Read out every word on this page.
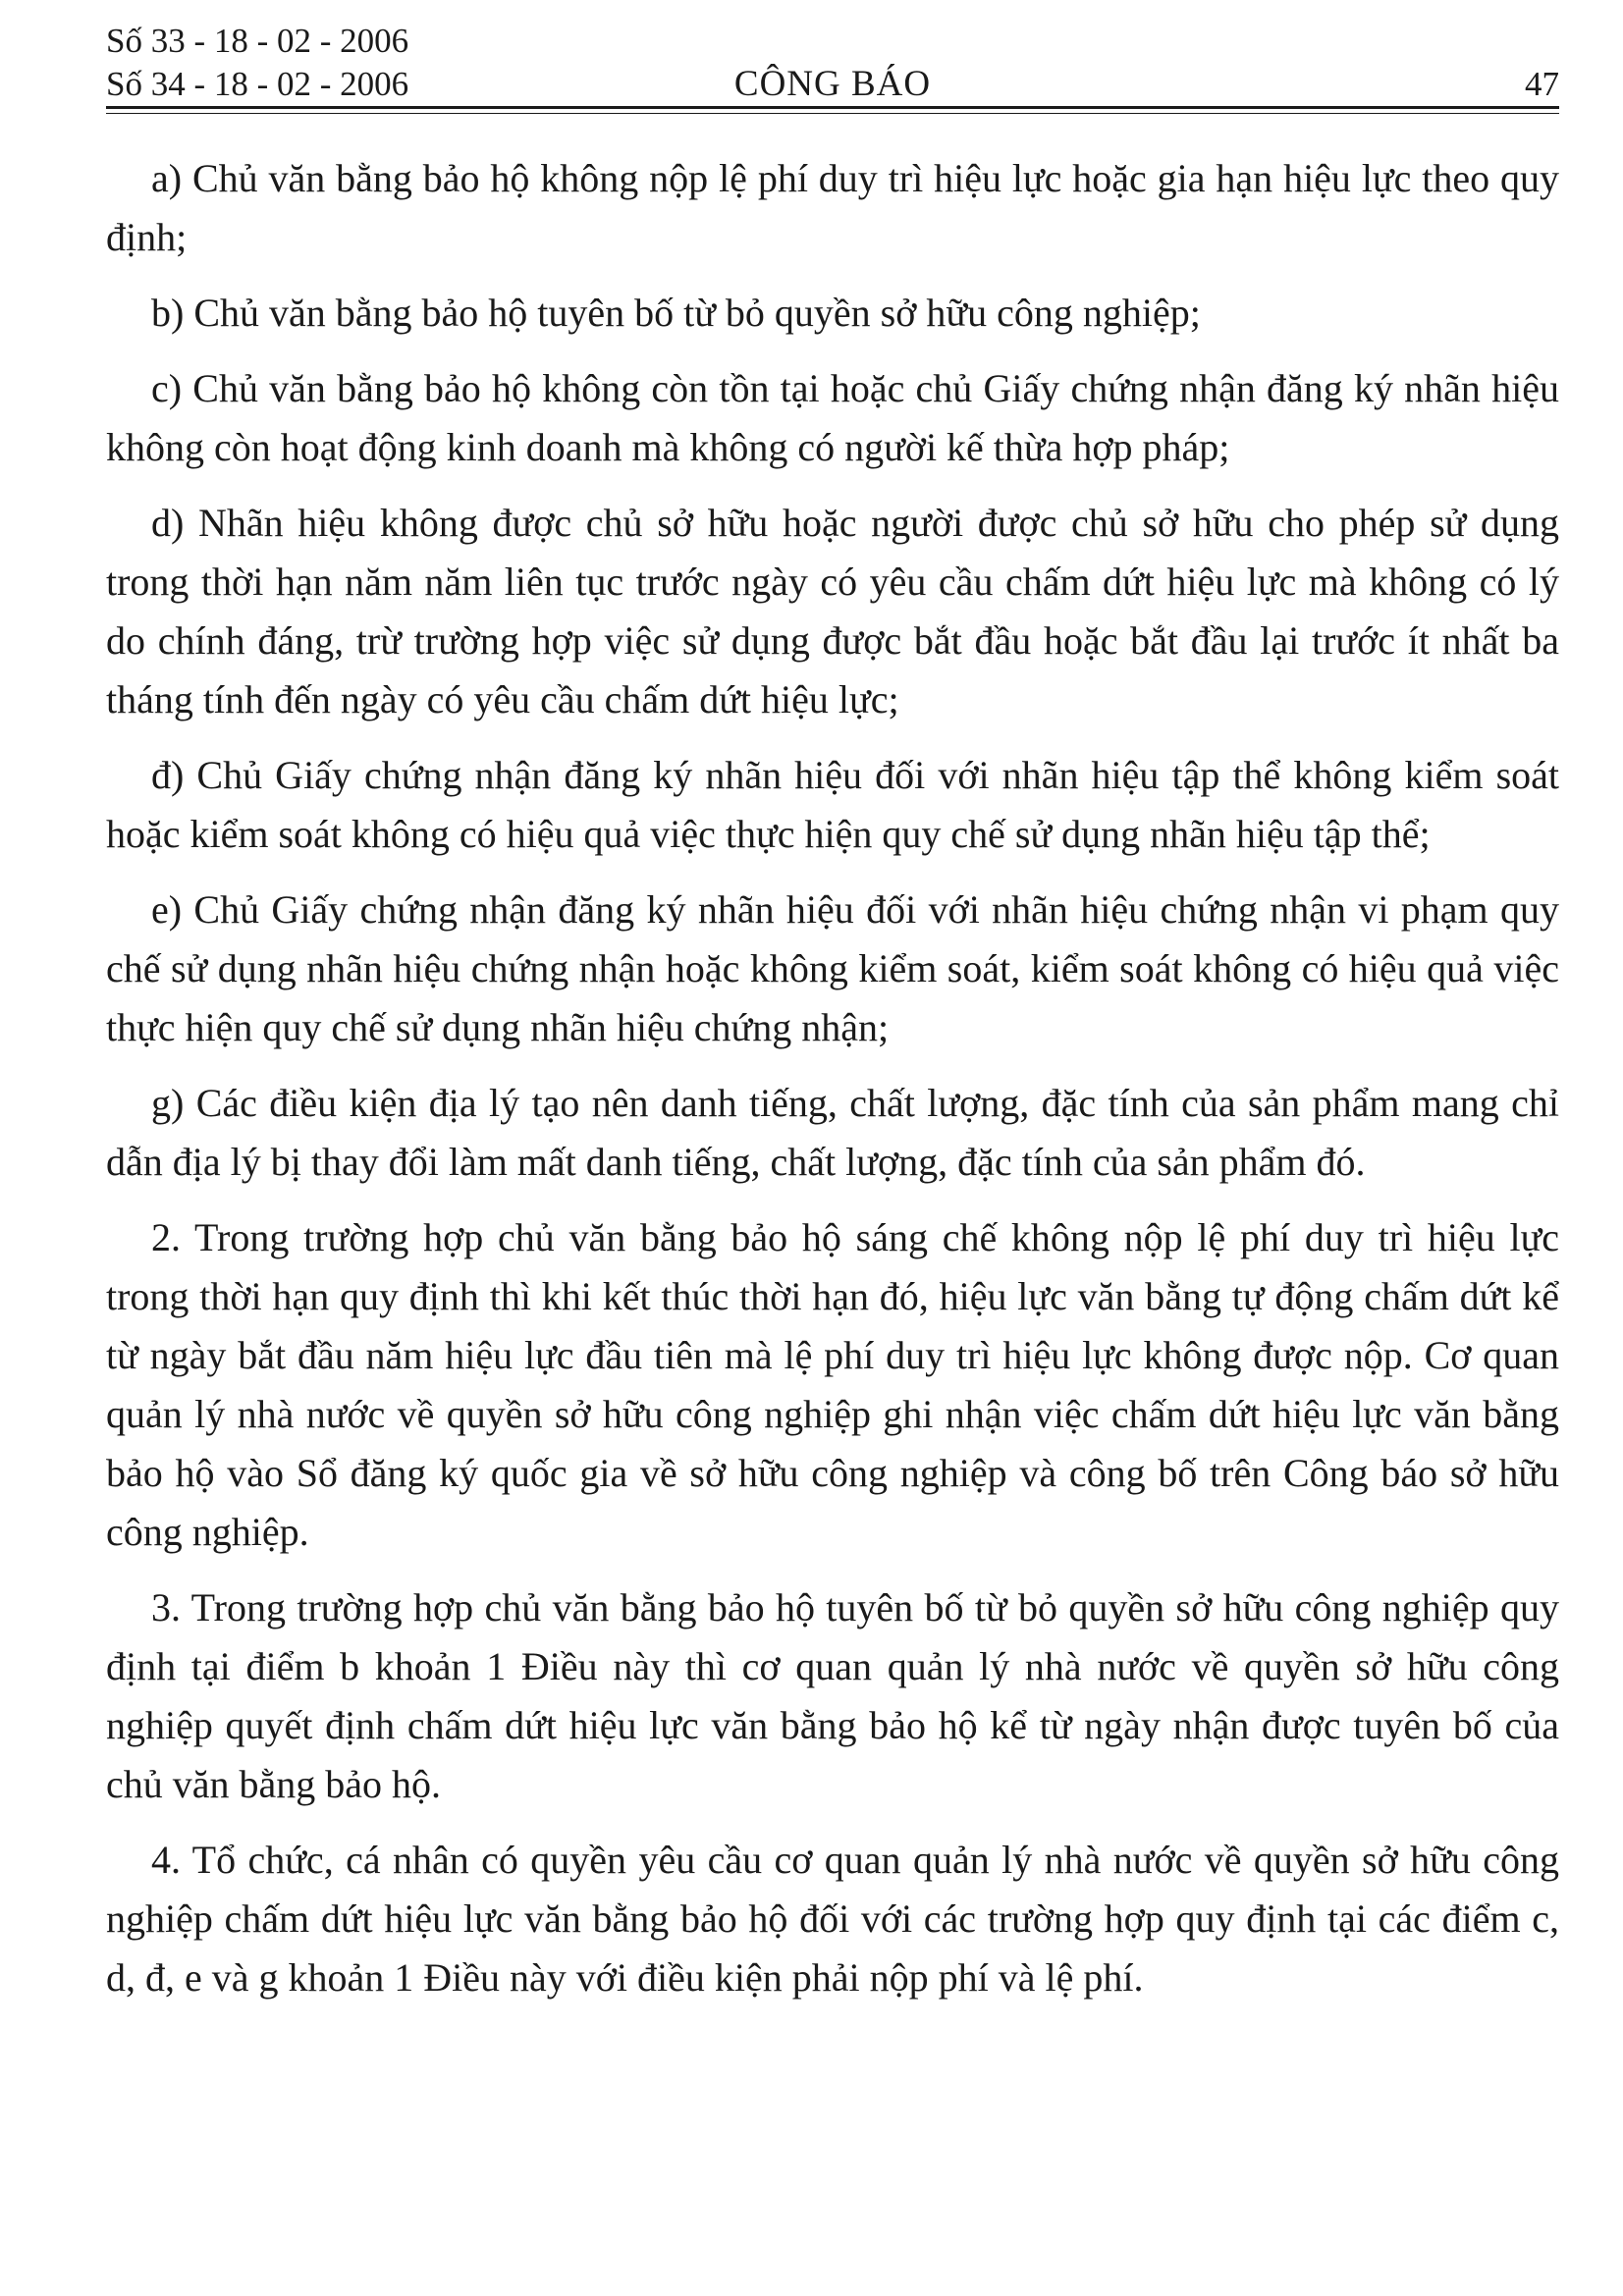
Số 33 - 18 - 02 - 2006
Số 34 - 18 - 02 - 2006	CÔNG BÁO	47

a) Chủ văn bằng bảo hộ không nộp lệ phí duy trì hiệu lực hoặc gia hạn hiệu lực theo quy định;

b) Chủ văn bằng bảo hộ tuyên bố từ bỏ quyền sở hữu công nghiệp;

c) Chủ văn bằng bảo hộ không còn tồn tại hoặc chủ Giấy chứng nhận đăng ký nhãn hiệu không còn hoạt động kinh doanh mà không có người kế thừa hợp pháp;

d) Nhãn hiệu không được chủ sở hữu hoặc người được chủ sở hữu cho phép sử dụng trong thời hạn năm năm liên tục trước ngày có yêu cầu chấm dứt hiệu lực mà không có lý do chính đáng, trừ trường hợp việc sử dụng được bắt đầu hoặc bắt đầu lại trước ít nhất ba tháng tính đến ngày có yêu cầu chấm dứt hiệu lực;

đ) Chủ Giấy chứng nhận đăng ký nhãn hiệu đối với nhãn hiệu tập thể không kiểm soát hoặc kiểm soát không có hiệu quả việc thực hiện quy chế sử dụng nhãn hiệu tập thể;

e) Chủ Giấy chứng nhận đăng ký nhãn hiệu đối với nhãn hiệu chứng nhận vi phạm quy chế sử dụng nhãn hiệu chứng nhận hoặc không kiểm soát, kiểm soát không có hiệu quả việc thực hiện quy chế sử dụng nhãn hiệu chứng nhận;

g) Các điều kiện địa lý tạo nên danh tiếng, chất lượng, đặc tính của sản phẩm mang chỉ dẫn địa lý bị thay đổi làm mất danh tiếng, chất lượng, đặc tính của sản phẩm đó.

2. Trong trường hợp chủ văn bằng bảo hộ sáng chế không nộp lệ phí duy trì hiệu lực trong thời hạn quy định thì khi kết thúc thời hạn đó, hiệu lực văn bằng tự động chấm dứt kể từ ngày bắt đầu năm hiệu lực đầu tiên mà lệ phí duy trì hiệu lực không được nộp. Cơ quan quản lý nhà nước về quyền sở hữu công nghiệp ghi nhận việc chấm dứt hiệu lực văn bằng bảo hộ vào Sổ đăng ký quốc gia về sở hữu công nghiệp và công bố trên Công báo sở hữu công nghiệp.

3. Trong trường hợp chủ văn bằng bảo hộ tuyên bố từ bỏ quyền sở hữu công nghiệp quy định tại điểm b khoản 1 Điều này thì cơ quan quản lý nhà nước về quyền sở hữu công nghiệp quyết định chấm dứt hiệu lực văn bằng bảo hộ kể từ ngày nhận được tuyên bố của chủ văn bằng bảo hộ.

4. Tổ chức, cá nhân có quyền yêu cầu cơ quan quản lý nhà nước về quyền sở hữu công nghiệp chấm dứt hiệu lực văn bằng bảo hộ đối với các trường hợp quy định tại các điểm c, d, đ, e và g khoản 1 Điều này với điều kiện phải nộp phí và lệ phí.
